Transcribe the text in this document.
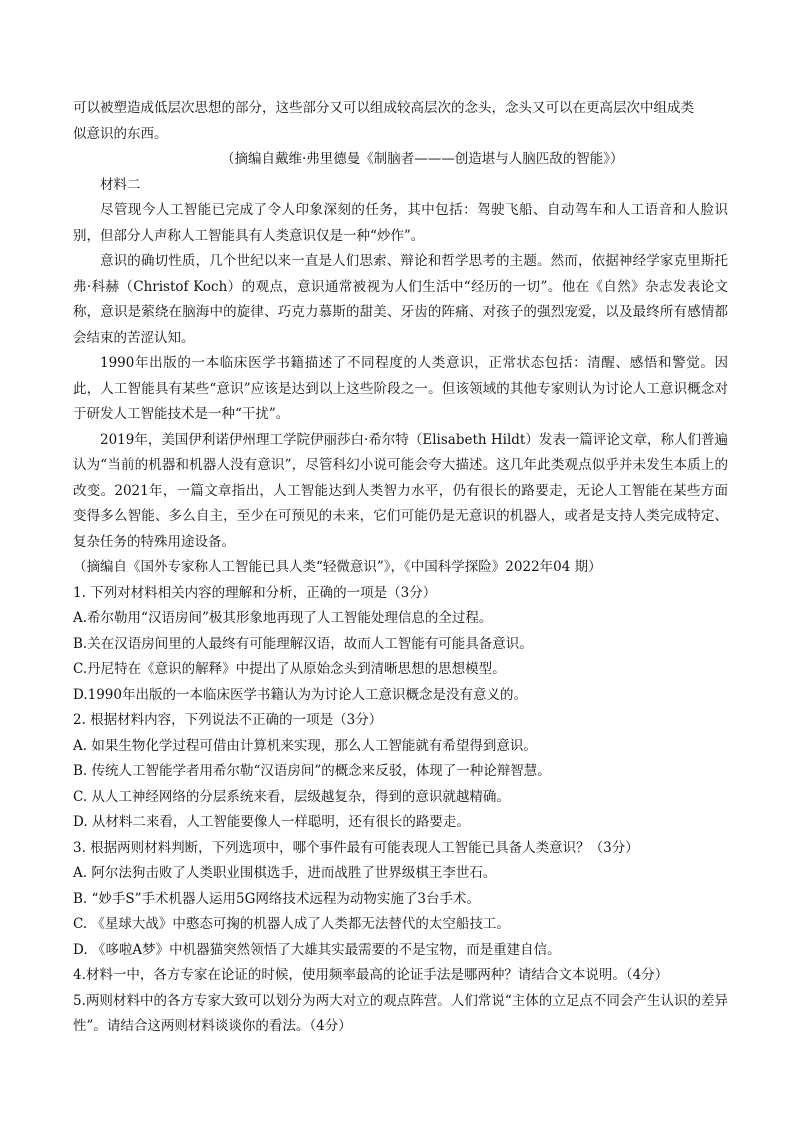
可以被塑造成低层次思想的部分，这些部分又可以组成较高层次的念头，念头又可以在更高层次中组成类
似意识的东西。
（摘编自戴维·弗里德曼《制脑者———创造堪与人脑匹敌的智能》）
材料二

尽管现今人工智能已完成了令人印象深刻的任务，其中包括：驾驶飞船、自动驾车和人工语音和人脸识别，但部分人声称人工智能具有人类意识仅是一种“炒作”。

意识的确切性质，几个世纪以来一直是人们思索、辩论和哲学思考的主题。然而，依据神经学家克里斯托弗·科赫（Christof Koch）的观点，意识通常被视为人们生活中“经历的一切”。他在《自然》杂志发表论文称，意识是萦绕在脑海中的旋律、巧克力慕斯的甜美、牙齿的阵痛、对孩子的强烈宠爱，以及最终所有感情都会结束的苦涩认知。

1990年出版的一本临床医学书籍描述了不同程度的人类意识，正常状态包括：清醒、感悟和警觉。因此，人工智能具有某些“意识”应该是达到以上这些阶段之一。但该领域的其他专家则认为讨论人工意识概念对于研发人工智能技术是一种“干扰”。

2019年，美国伊利诺伊州理工学院伊丽莎白·希尔特（Elisabeth Hildt）发表一篇评论文章，称人们普遍认为“当前的机器和机器人没有意识”，尽管科幻小说可能会夸大描述。这几年此类观点似乎并未发生本质上的改变。2021年，一篇文章指出，人工智能达到人类智力水平，仍有很长的路要走，无论人工智能在某些方面变得多么智能、多么自主，至少在可预见的未来，它们可能仍是无意识的机器人，或者是支持人类完成特定、复杂任务的特殊用途设备。

（摘编自《国外专家称人工智能已具人类“轻微意识”》，《中国科学探险》2022年04 期）
1. 下列对材料相关内容的理解和分析，正确的一项是（3分）
A.希尔勒用“汉语房间”极其形象地再现了人工智能处理信息的全过程。
B.关在汉语房间里的人最终有可能理解汉语，故而人工智能有可能具备意识。
C.丹尼特在《意识的解释》中提出了从原始念头到清晰思想的思想模型。
D.1990年出版的一本临床医学书籍认为为讨论人工意识概念是没有意义的。
2. 根据材料内容，下列说法不正确的一项是（3分）
A. 如果生物化学过程可借由计算机来实现，那么人工智能就有希望得到意识。
B. 传统人工智能学者用希尔勒“汉语房间”的概念来反驳，体现了一种论辩智慧。
C. 从人工神经网络的分层系统来看，层级越复杂，得到的意识就越精确。
D. 从材料二来看，人工智能要像人一样聪明，还有很长的路要走。
3. 根据两则材料判断，下列选项中，哪个事件最有可能表现人工智能已具备人类意识？（3分）
A. 阿尔法狗击败了人类职业围棋选手，进而战胜了世界级棋王李世石。
B. “妙手S”手术机器人运用5G网络技术远程为动物实施了3台手术。
C. 《星球大战》中憨态可掬的机器人成了人类都无法替代的太空船技工。
D. 《哆啦A梦》中机器猫突然领悟了大雄其实最需要的不是宝物，而是重建自信。
4.材料一中，各方专家在论证的时候，使用频率最高的论证手法是哪两种？请结合文本说明。（4分）

5.两则材料中的各方专家大致可以划分为两大对立的观点阵营。人们常说“主体的立足点不同会产生认识的差异性”。请结合这两则材料谈谈你的看法。（4分）
